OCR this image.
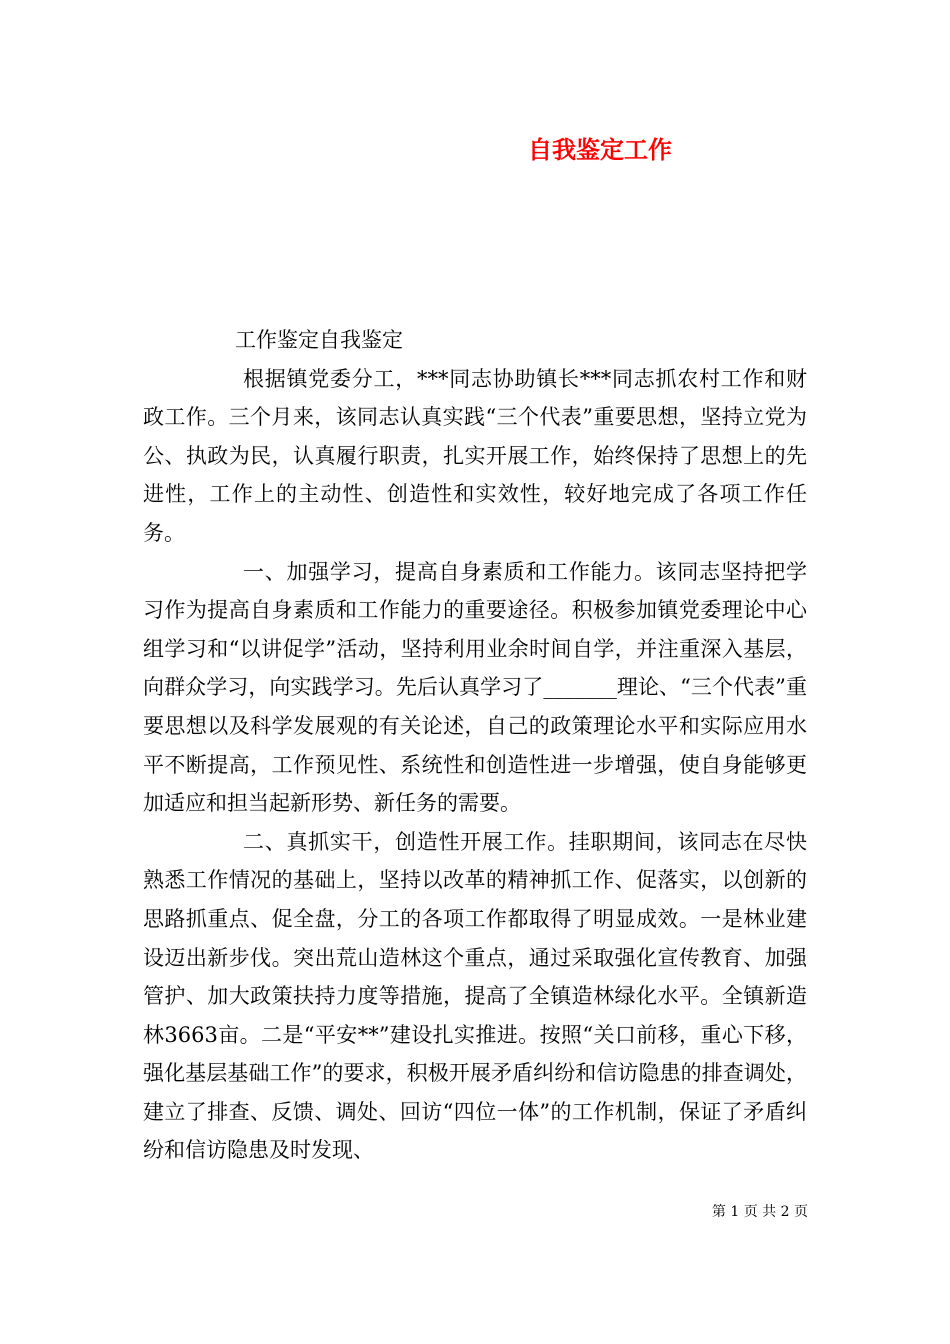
自我鉴定工作

工作鉴定自我鉴定

根据镇党委分工，***同志协助镇长***同志抓农村工作和财政工作。三个月来，该同志认真实践“三个代表”重要思想，坚持立党为公、执政为民，认真履行职责，扎实开展工作，始终保持了思想上的先进性，工作上的主动性、创造性和实效性，较好地完成了各项工作任务。

一、加强学习，提高自身素质和工作能力。该同志坚持把学习作为提高自身素质和工作能力的重要途径。积极参加镇党委理论中心组学习和“以讲促学”活动，坚持利用业余时间自学，并注重深入基层，向群众学习，向实践学习。先后认真学习了_______理论、“三个代表”重要思想以及科学发展观的有关论述，自己的政策理论水平和实际应用水平不断提高，工作预见性、系统性和创造性进一步增强，使自身能够更加适应和担当起新形势、新任务的需要。

二、真抓实干，创造性开展工作。挂职期间，该同志在尽快熟悉工作情况的基础上，坚持以改革的精神抓工作、促落实，以创新的思路抓重点、促全盘，分工的各项工作都取得了明显成效。一是林业建设迈出新步伐。突出荒山造林这个重点，通过采取强化宣传教育、加强管护、加大政策扶持力度等措施，提高了全镇造林绿化水平。全镇新造林3663亩。二是“平安**”建设扎实推进。按照“关口前移，重心下移，强化基层基础工作”的要求，积极开展矛盾纠纷和信访隐患的排查调处，建立了排查、反馈、调处、回访“四位一体”的工作机制，保证了矛盾纠纷和信访隐患及时发现、

第 1 页 共 2 页
